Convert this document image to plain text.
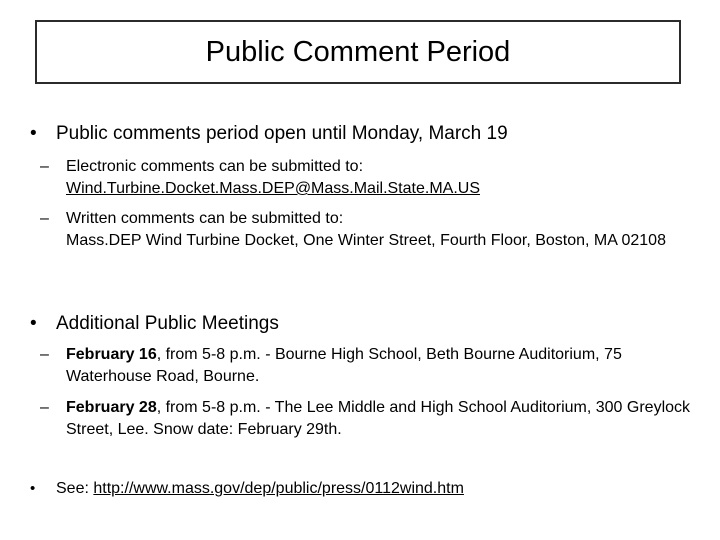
Public Comment Period
•	Public comments period open until Monday, March 19
–	Electronic comments can be submitted to:
Wind.Turbine.Docket.Mass.DEP@Mass.Mail.State.MA.US
–	Written comments can be submitted to:
Mass.DEP Wind Turbine Docket, One Winter Street, Fourth Floor, Boston, MA 02108
•	Additional Public Meetings
–	February 16, from 5-8 p.m. - Bourne High School, Beth Bourne Auditorium, 75 Waterhouse Road, Bourne.
–	February 28, from 5-8 p.m. - The Lee Middle and High School Auditorium, 300 Greylock Street, Lee. Snow date: February 29th.
•	See: http://www.mass.gov/dep/public/press/0112wind.htm
